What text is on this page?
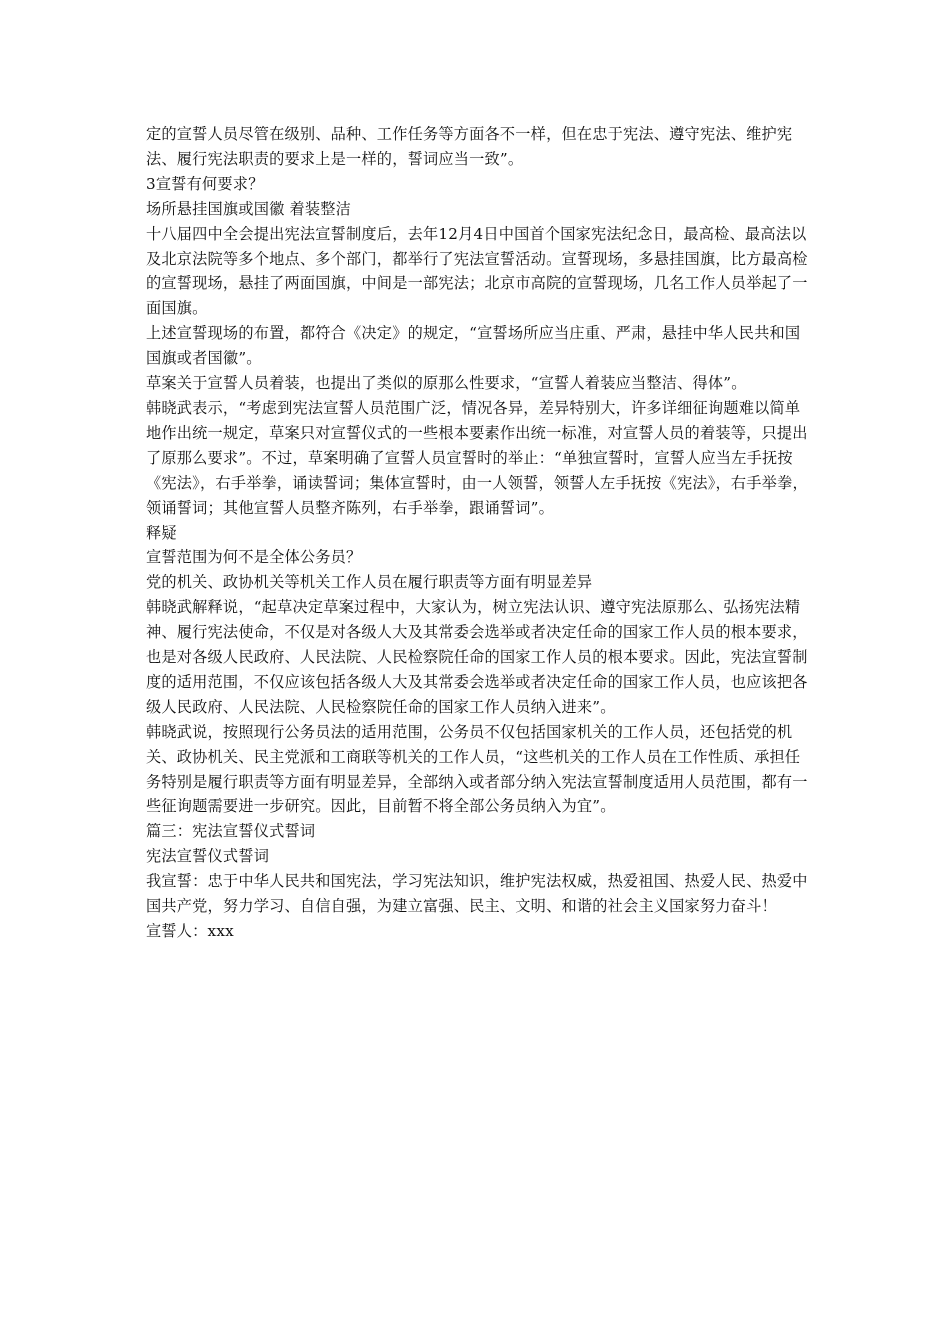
定的宣誓人员尽管在级别、品种、工作任务等方面各不一样，但在忠于宪法、遵守宪法、维护宪法、履行宪法职责的要求上是一样的，誓词应当一致”。

3宣誓有何要求？

场所悬挂国旗或国徽 着装整洁

十八届四中全会提出宪法宣誓制度后，去年12月4日中国首个国家宪法纪念日，最高检、最高法以及北京法院等多个地点、多个部门，都举行了宪法宣誓活动。宣誓现场，多悬挂国旗，比方最高检的宣誓现场，悬挂了两面国旗，中间是一部宪法；北京市高院的宣誓现场，几名工作人员举起了一面国旗。

上述宣誓现场的布置，都符合《决定》的规定，“宣誓场所应当庄重、严肃，悬挂中华人民共和国国旗或者国徽”。

草案关于宣誓人员着装，也提出了类似的原那么性要求，“宣誓人着装应当整洁、得体”。

韩晓武表示，“考虑到宪法宣誓人员范围广泛，情况各异，差异特别大，许多详细征询题难以简单地作出统一规定，草案只对宣誓仪式的一些根本要素作出统一标准，对宣誓人员的着装等，只提出了原那么要求”。不过，草案明确了宣誓人员宣誓时的举止：“单独宣誓时，宣誓人应当左手抚按《宪法》，右手举拳，诵读誓词；集体宣誓时，由一人领誓，领誓人左手抚按《宪法》，右手举拳，领诵誓词；其他宣誓人员整齐陈列，右手举拳，跟诵誓词”。

释疑

宣誓范围为何不是全体公务员？

党的机关、政协机关等机关工作人员在履行职责等方面有明显差异

韩晓武解释说，“起草决定草案过程中，大家认为，树立宪法认识、遵守宪法原那么、弘扬宪法精神、履行宪法使命，不仅是对各级人大及其常委会选举或者决定任命的国家工作人员的根本要求，也是对各级人民政府、人民法院、人民检察院任命的国家工作人员的根本要求。因此，宪法宣誓制度的适用范围，不仅应该包括各级人大及其常委会选举或者决定任命的国家工作人员，也应该把各级人民政府、人民法院、人民检察院任命的国家工作人员纳入进来”。

韩晓武说，按照现行公务员法的适用范围，公务员不仅包括国家机关的工作人员，还包括党的机关、政协机关、民主党派和工商联等机关的工作人员，“这些机关的工作人员在工作性质、承担任务特别是履行职责等方面有明显差异，全部纳入或者部分纳入宪法宣誓制度适用人员范围，都有一些征询题需要进一步研究。因此，目前暂不将全部公务员纳入为宜”。

篇三：宪法宣誓仪式誓词

宪法宣誓仪式誓词

我宣誓：忠于中华人民共和国宪法，学习宪法知识，维护宪法权威，热爱祖国、热爱人民、热爱中国共产党，努力学习、自信自强，为建立富强、民主、文明、和谐的社会主义国家努力奋斗！

宣誓人：xxx
